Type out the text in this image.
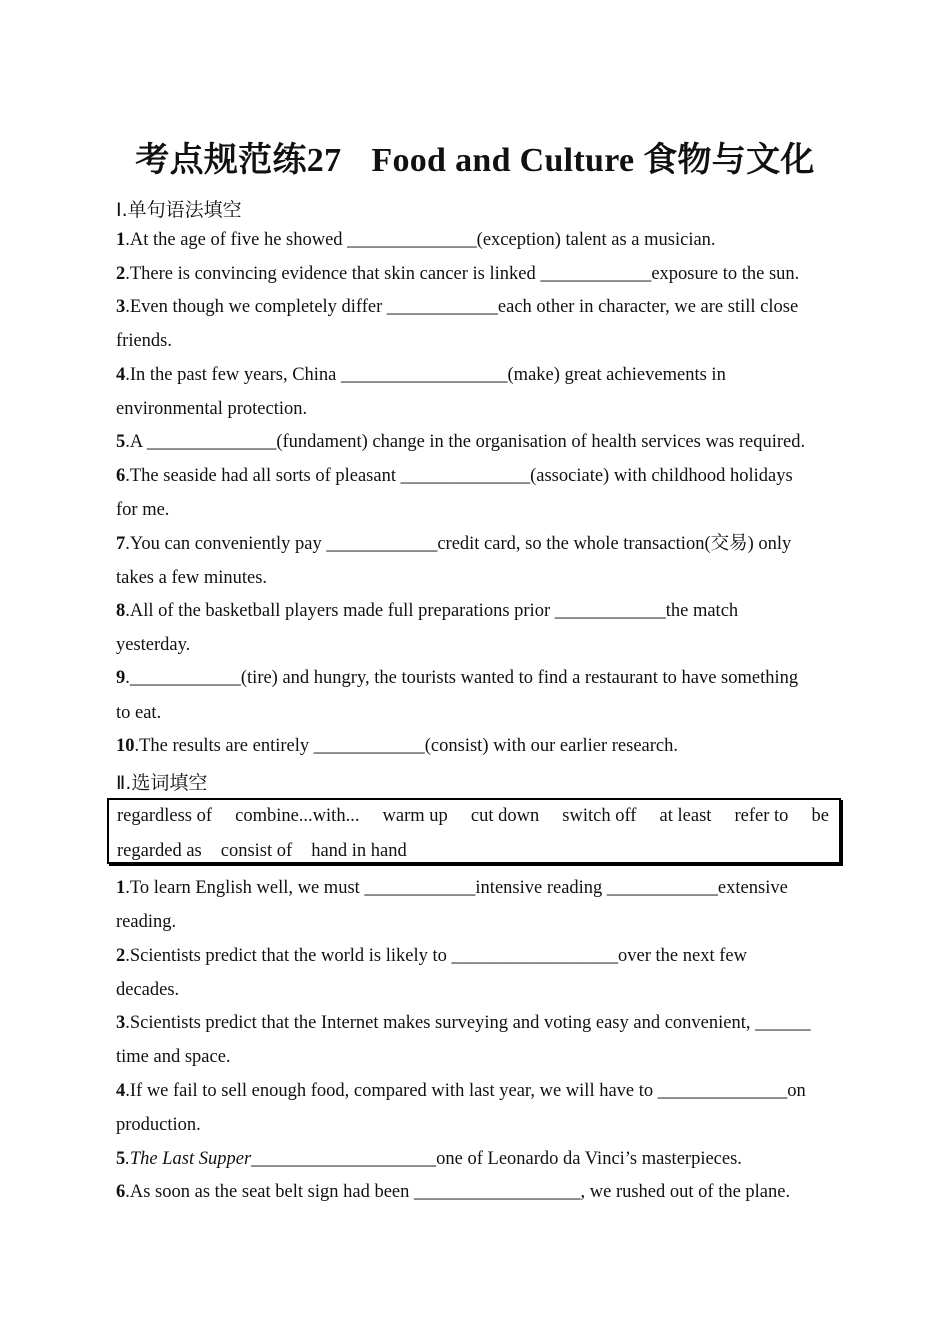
考点规范练27 Food and Culture 食物与文化
Ⅰ.单句语法填空
1.At the age of five he showed ______________(exception) talent as a musician.
2.There is convincing evidence that skin cancer is linked ____________exposure to the sun.
3.Even though we completely differ ____________each other in character, we are still close
friends.
4.In the past few years, China __________________(make) great achievements in
environmental protection.
5.A ______________(fundament) change in the organisation of health services was required.
6.The seaside had all sorts of pleasant ______________(associate) with childhood holidays
for me.
7.You can conveniently pay ____________credit card, so the whole transaction(交易) only
takes a few minutes.
8.All of the basketball players made full preparations prior ____________the match
yesterday.
9.____________(tire) and hungry, the tourists wanted to find a restaurant to have something
to eat.
10.The results are entirely ____________(consist) with our earlier research.
Ⅱ.选词填空
regardless of combine...with... warm up cut down switch off at least refer to be
regarded as consist of hand in hand
1.To learn English well, we must ____________intensive reading ____________extensive
reading.
2.Scientists predict that the world is likely to __________________over the next few
decades.
3.Scientists predict that the Internet makes surveying and voting easy and convenient, ______
time and space.
4.If we fail to sell enough food, compared with last year, we will have to ______________on
production.
5.The Last Supper____________________one of Leonardo da Vinci’s masterpieces.
6.As soon as the seat belt sign had been __________________, we rushed out of the plane.
